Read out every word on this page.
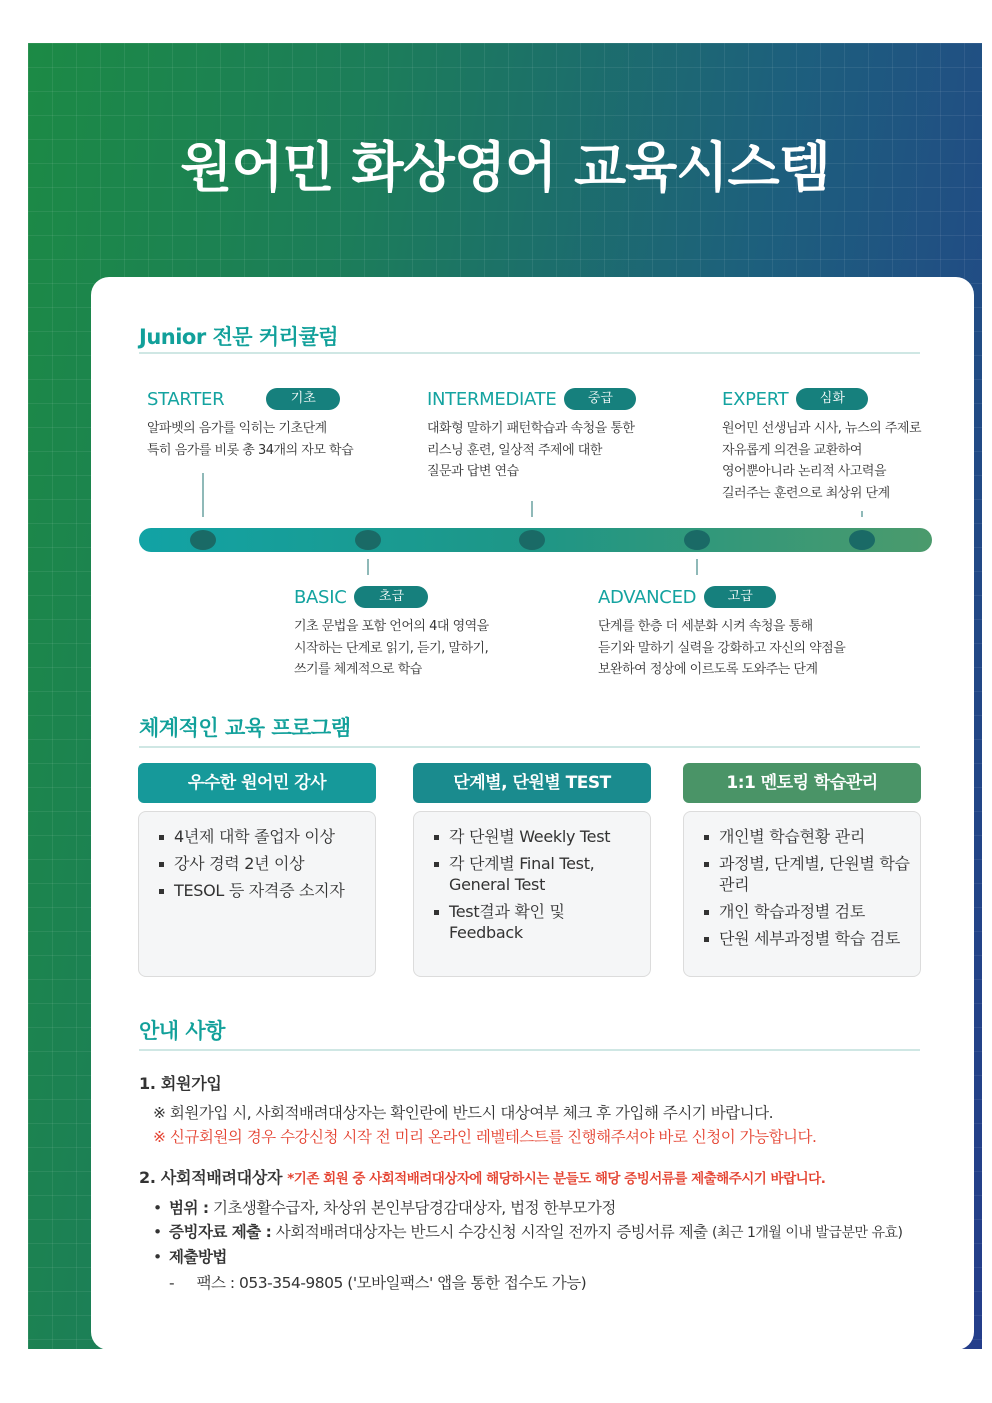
원어민 화상영어 교육시스템
Junior 전문 커리큘럼
STARTER	기초
알파벳의 음가를 익히는 기초단계
특히 음가를 비롯 총 34개의 자모 학습
INTERMEDIATE	중급
대화형 말하기 패턴학습과 속청을 통한
리스닝 훈련, 일상적 주제에 대한
질문과 답변 연습
EXPERT	심화
원어민 선생님과 시사, 뉴스의 주제로
자유롭게 의견을 교환하여
영어뿐아니라 논리적 사고력을
길러주는 훈련으로 최상위 단계
BASIC	초급
기초 문법을 포함 언어의 4대 영역을
시작하는 단계로 읽기, 듣기, 말하기,
쓰기를 체계적으로 학습
ADVANCED	고급
단계를 한층 더 세분화 시켜 속청을 통해
듣기와 말하기 실력을 강화하고 자신의 약점을
보완하여 정상에 이르도록 도와주는 단계
체계적인 교육 프로그램
우수한 원어민 강사
4년제 대학 졸업자 이상
강사 경력 2년 이상
TESOL 등 자격증 소지자
단계별, 단원별 TEST
각 단원별 Weekly Test
각 단계별 Final Test, General Test
Test결과 확인 및 Feedback
1:1 멘토링 학습관리
개인별 학습현황 관리
과정별, 단계별, 단원별 학습관리
개인 학습과정별 검토
단원 세부과정별 학습 검토
안내 사항
1. 회원가입
※ 회원가입 시, 사회적배려대상자는 확인란에 반드시 대상여부 체크 후 가입해 주시기 바랍니다.
※ 신규회원의 경우 수강신청 시작 전 미리 온라인 레벨테스트를 진행해주셔야 바로 신청이 가능합니다.
2. 사회적배려대상자 *기존 회원 중 사회적배려대상자에 해당하시는 분들도 해당 증빙서류를 제출해주시기 바랍니다.
• 범위 : 기초생활수급자, 차상위 본인부담경감대상자, 법정 한부모가정
• 증빙자료 제출 : 사회적배려대상자는 반드시 수강신청 시작일 전까지 증빙서류 제출 (최근 1개월 이내 발급분만 유효)
• 제출방법
- 팩스 : 053-354-9805 ('모바일팩스' 앱을 통한 접수도 가능)
